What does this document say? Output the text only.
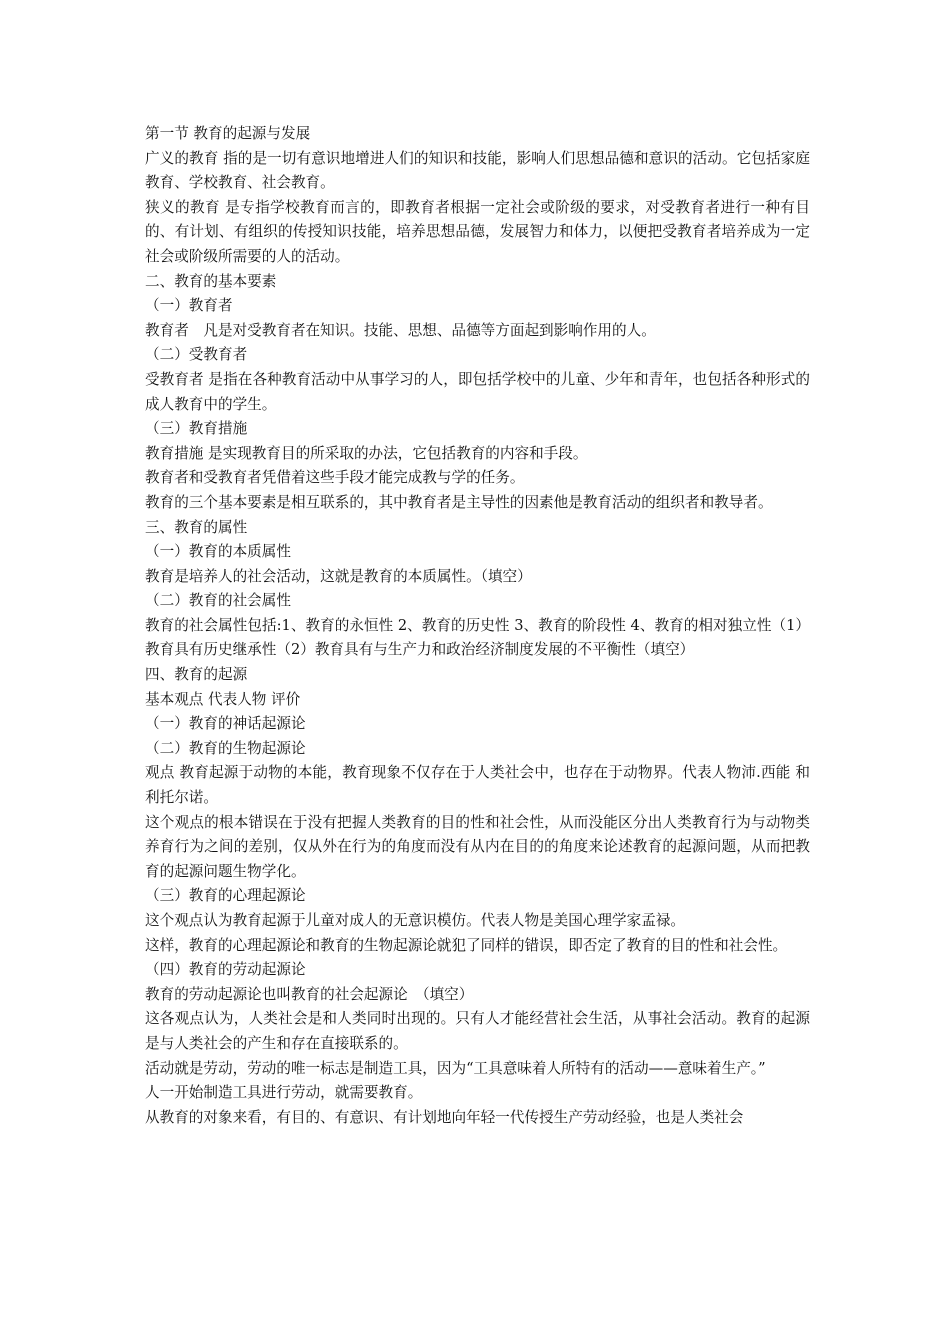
第一节 教育的起源与发展
广义的教育 指的是一切有意识地增进人们的知识和技能，影响人们思想品德和意识的活动。它包括家庭教育、学校教育、社会教育。
狭义的教育 是专指学校教育而言的，即教育者根据一定社会或阶级的要求，对受教育者进行一种有目的、有计划、有组织的传授知识技能，培养思想品德，发展智力和体力，以便把受教育者培养成为一定社会或阶级所需要的人的活动。
二、教育的基本要素
（一）教育者
教育者　凡是对受教育者在知识。技能、思想、品德等方面起到影响作用的人。
（二）受教育者
受教育者 是指在各种教育活动中从事学习的人，即包括学校中的儿童、少年和青年，也包括各种形式的成人教育中的学生。
（三）教育措施
教育措施 是实现教育目的所采取的办法，它包括教育的内容和手段。
教育者和受教育者凭借着这些手段才能完成教与学的任务。
教育的三个基本要素是相互联系的，其中教育者是主导性的因素他是教育活动的组织者和教导者。
三、教育的属性
（一）教育的本质属性
教育是培养人的社会活动，这就是教育的本质属性。（填空）
（二）教育的社会属性
教育的社会属性包括:1、教育的永恒性 2、教育的历史性 3、教育的阶段性 4、教育的相对独立性（1）教育具有历史继承性（2）教育具有与生产力和政治经济制度发展的不平衡性（填空）
四、教育的起源
基本观点 代表人物 评价
（一）教育的神话起源论
（二）教育的生物起源论
观点 教育起源于动物的本能，教育现象不仅存在于人类社会中，也存在于动物界。代表人物沛.西能 和利托尔诺。
这个观点的根本错误在于没有把握人类教育的目的性和社会性，从而没能区分出人类教育行为与动物类养育行为之间的差别，仅从外在行为的角度而没有从内在目的的角度来论述教育的起源问题，从而把教育的起源问题生物学化。
（三）教育的心理起源论
这个观点认为教育起源于儿童对成人的无意识模仿。代表人物是美国心理学家孟禄。
这样，教育的心理起源论和教育的生物起源论就犯了同样的错误，即否定了教育的目的性和社会性。
（四）教育的劳动起源论
教育的劳动起源论也叫教育的社会起源论　（填空）
这各观点认为，人类社会是和人类同时出现的。只有人才能经营社会生活，从事社会活动。教育的起源是与人类社会的产生和存在直接联系的。
活动就是劳动，劳动的唯一标志是制造工具，因为“工具意味着人所特有的活动——意味着生产。”
人一开始制造工具进行劳动，就需要教育。
从教育的对象来看，有目的、有意识、有计划地向年轻一代传授生产劳动经验，也是人类社会
